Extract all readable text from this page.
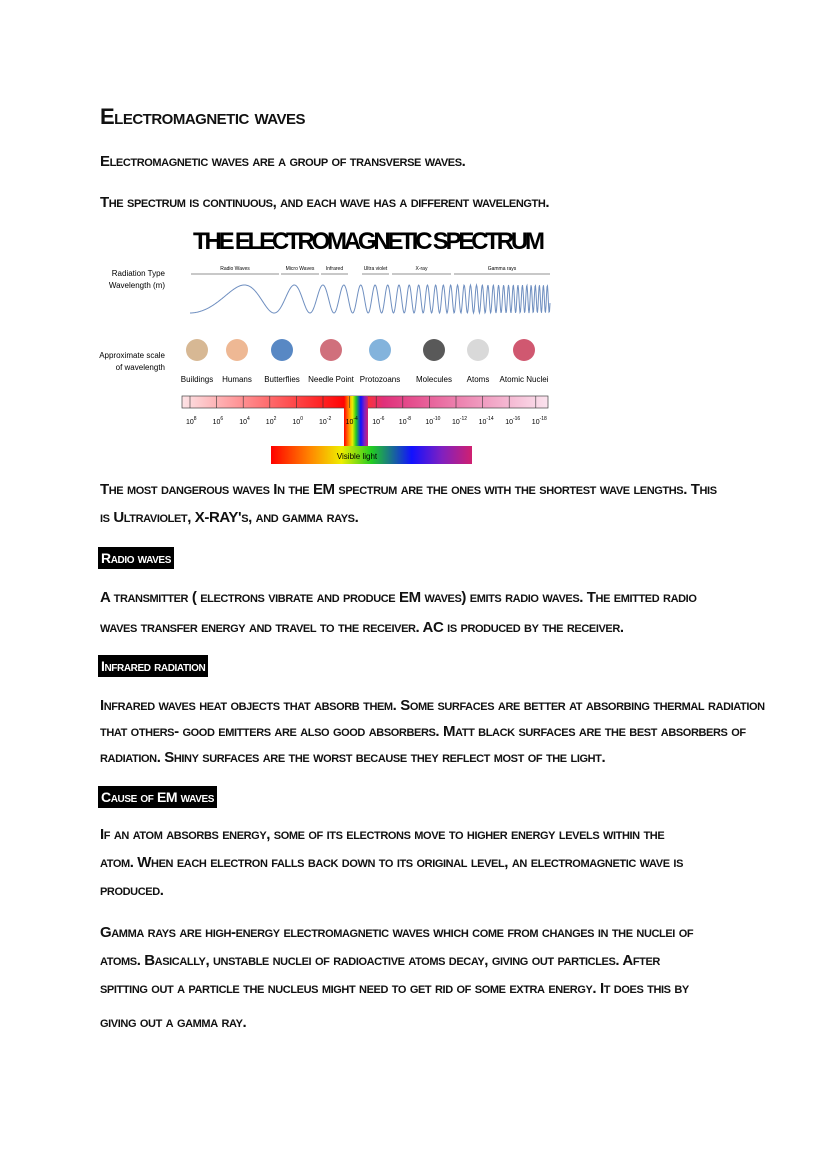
Electromagnetic waves
Electromagnetic waves are a group of transverse waves.
The spectrum is continuous, and each wave has a different wavelength.
THE ELECTROMAGNETIC SPECTRUM
Radiation Type
Wavelength (m)
Approximate scale
of wavelength
Radio Waves	Micro Waves Infrared	Ultra violet	X-ray	Gamma rays
Buildings Humans Butterflies Needle Point Protozoans Molecules Atoms Atomic Nuclei
$10^8$ $10^6$ $10^4$ $10^2$ $10^0$ $10^{-2}$ $10^{-4}$ $10^{-6}$ $10^{-8}$ $10^{-10}$ $10^{-12}$ $10^{-14}$ $10^{-16}$ $10^{-18}$
Visible light
The most dangerous waves In the EM spectrum are the ones with the shortest wave lengths. This
is Ultraviolet, X-RAY's, and gamma rays.
Radio waves
A transmitter ( electrons vibrate and produce EM waves) emits radio waves. The emitted radio
waves transfer energy and travel to the receiver. AC is produced by the receiver.
Infrared radiation
Infrared waves heat objects that absorb them. Some surfaces are better at absorbing thermal radiation
that others- good emitters are also good absorbers. Matt black surfaces are the best absorbers of
radiation. Shiny surfaces are the worst because they reflect most of the light.
Cause of EM waves
If an atom absorbs energy, some of its electrons move to higher energy levels within the
atom. When each electron falls back down to its original level, an electromagnetic wave is
produced.
Gamma rays are high-energy electromagnetic waves which come from changes in the nuclei of
atoms. Basically, unstable nuclei of radioactive atoms decay, giving out particles. After
spitting out a particle the nucleus might need to get rid of some extra energy. It does this by
giving out a gamma ray.
